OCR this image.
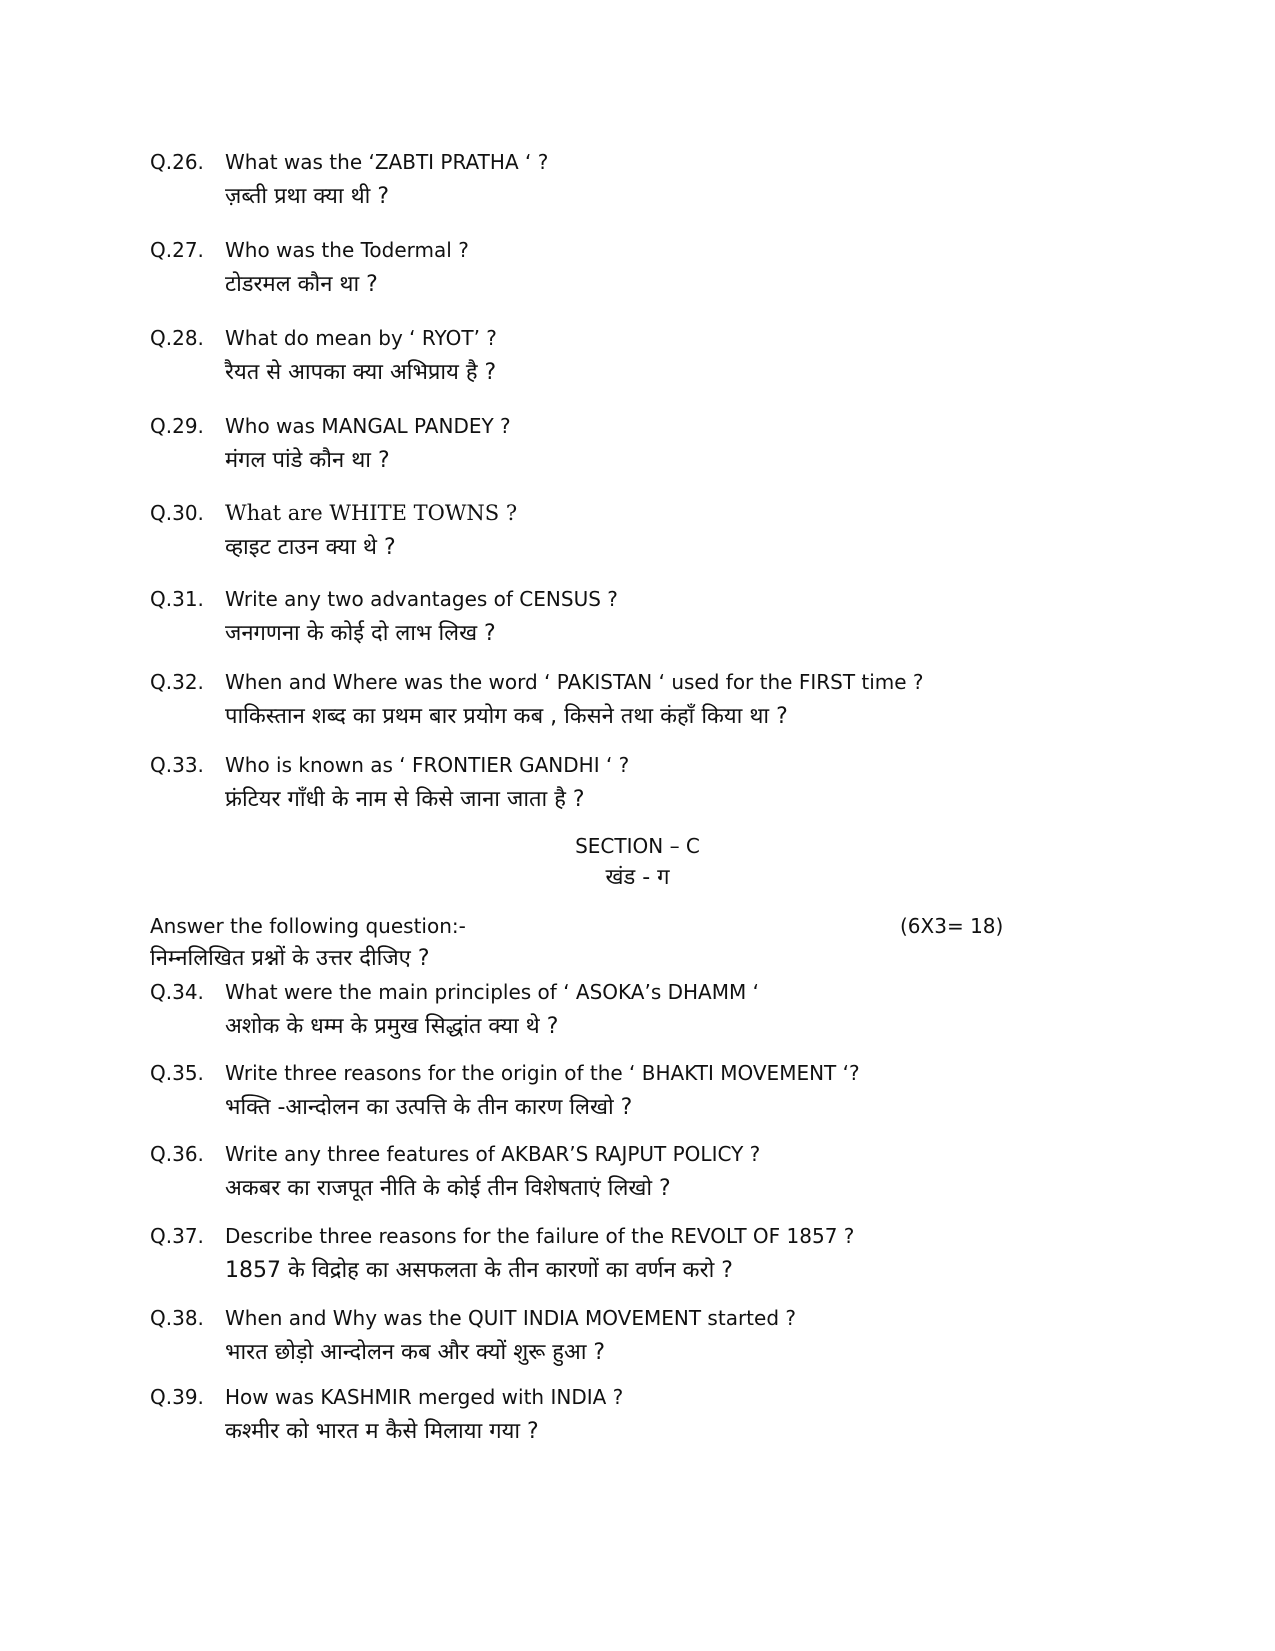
Q.26. What was the ‘ZABTI PRATHA ‘ ?
ज़ब्ती प्रथा क्या थी ?
Q.27. Who was the Todermal ?
टोडरमल कौन था ?
Q.28. What do mean by ‘ RYOT’ ?
रैयत से आपका क्या अभिप्राय है ?
Q.29. Who was MANGAL PANDEY ?
मंगल पांडे कौन था ?
Q.30. What are WHITE TOWNS ?
व्हाइट टाउन क्या थे ?
Q.31. Write any two advantages of CENSUS ?
जनगणना के कोई दो लाभ लिख ?
Q.32. When and Where was the word ‘ PAKISTAN ‘ used for the FIRST time ?
पाकिस्तान शब्द का प्रथम बार प्रयोग कब , किसने तथा कंहाँ किया था ?
Q.33. Who is known as ‘ FRONTIER GANDHI ‘ ?
फ्रंटियर गाँधी के नाम से किसे जाना जाता है ?
SECTION – C
खंड - ग
Answer the following question:-	(6X3= 18)
निम्नलिखित प्रश्नों के उत्तर दीजिए ?
Q.34. What were the main principles of ‘ ASOKA’s DHAMM ‘
अशोक के धम्म के प्रमुख सिद्धांत क्या थे ?
Q.35. Write three reasons for the origin of the ‘ BHAKTI MOVEMENT ‘?
भक्ति -आन्दोलन का उत्पत्ति के तीन कारण लिखो ?
Q.36. Write any three features of AKBAR’S RAJPUT POLICY ?
अकबर का राजपूत नीति के कोई तीन विशेषताएं लिखो ?
Q.37. Describe three reasons for the failure of the REVOLT OF 1857 ?
1857 के विद्रोह का असफलता के तीन कारणों का वर्णन करो ?
Q.38. When and Why was the QUIT INDIA MOVEMENT started ?
भारत छोड़ो आन्दोलन कब और क्यों शुरू हुआ ?
Q.39. How was KASHMIR merged with INDIA ?
कश्मीर को भारत म कैसे मिलाया गया ?
